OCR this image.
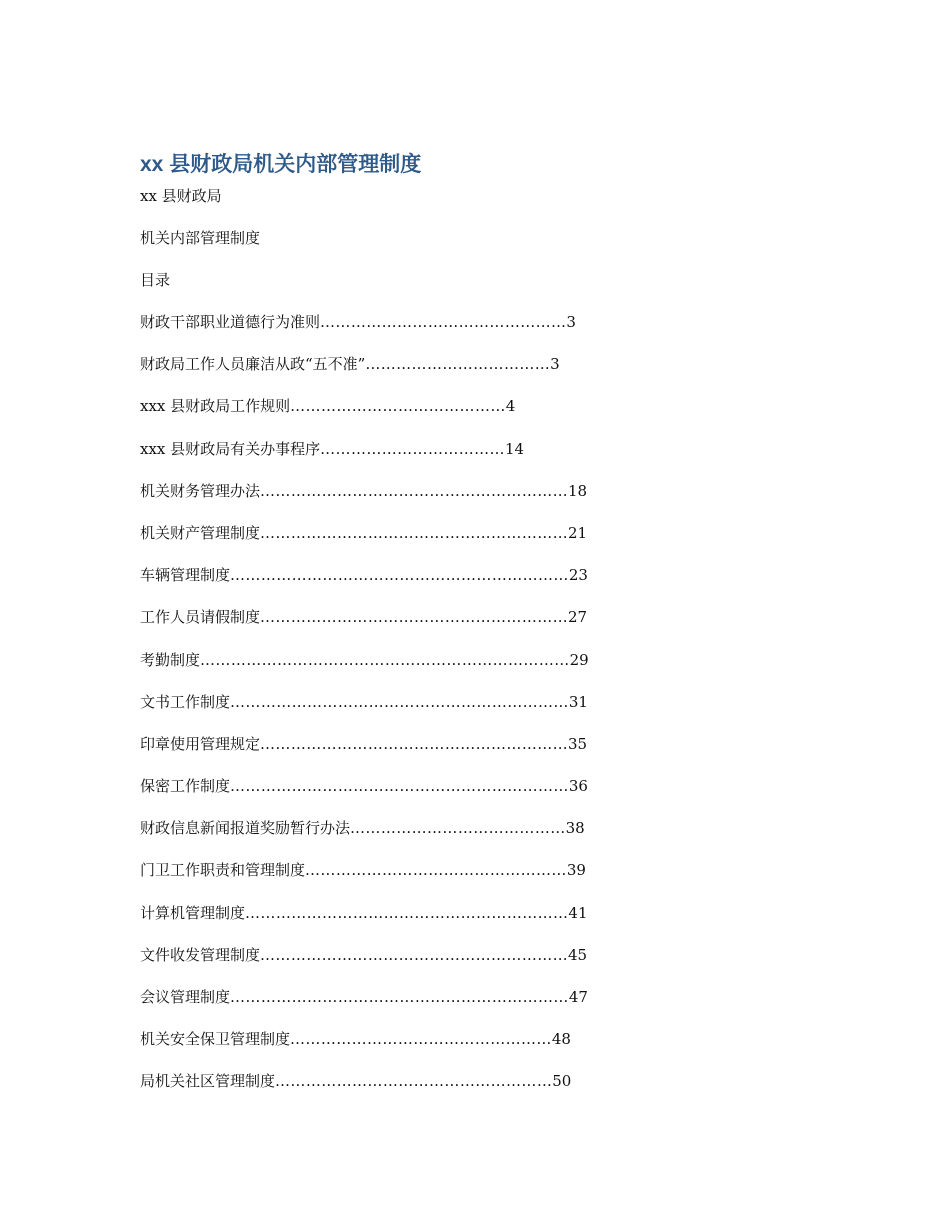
xx 县财政局机关内部管理制度
xx 县财政局
机关内部管理制度
目录
财政干部职业道德行为准则 ………………………………………… 3
财政局工作人员廉洁从政“五不准” ……………………………… 3
xxx 县财政局工作规则 …………………………………… 4
xxx 县财政局有关办事程序 ……………………………… 14
机关财务管理办法 …………………………………………………… 18
机关财产管理制度 …………………………………………………… 21
车辆管理制度 ………………………………………………………… 23
工作人员请假制度 …………………………………………………… 27
考勤制度 ……………………………………………………………… 29
文书工作制度 ………………………………………………………… 31
印章使用管理规定 …………………………………………………… 35
保密工作制度 ………………………………………………………… 36
财政信息新闻报道奖励暂行办法 …………………………………… 38
门卫工作职责和管理制度 …………………………………………… 39
计算机管理制度 ……………………………………………………… 41
文件收发管理制度 …………………………………………………… 45
会议管理制度 ………………………………………………………… 47
机关安全保卫管理制度 …………………………………………… 48
局机关社区管理制度 ……………………………………………… 50
